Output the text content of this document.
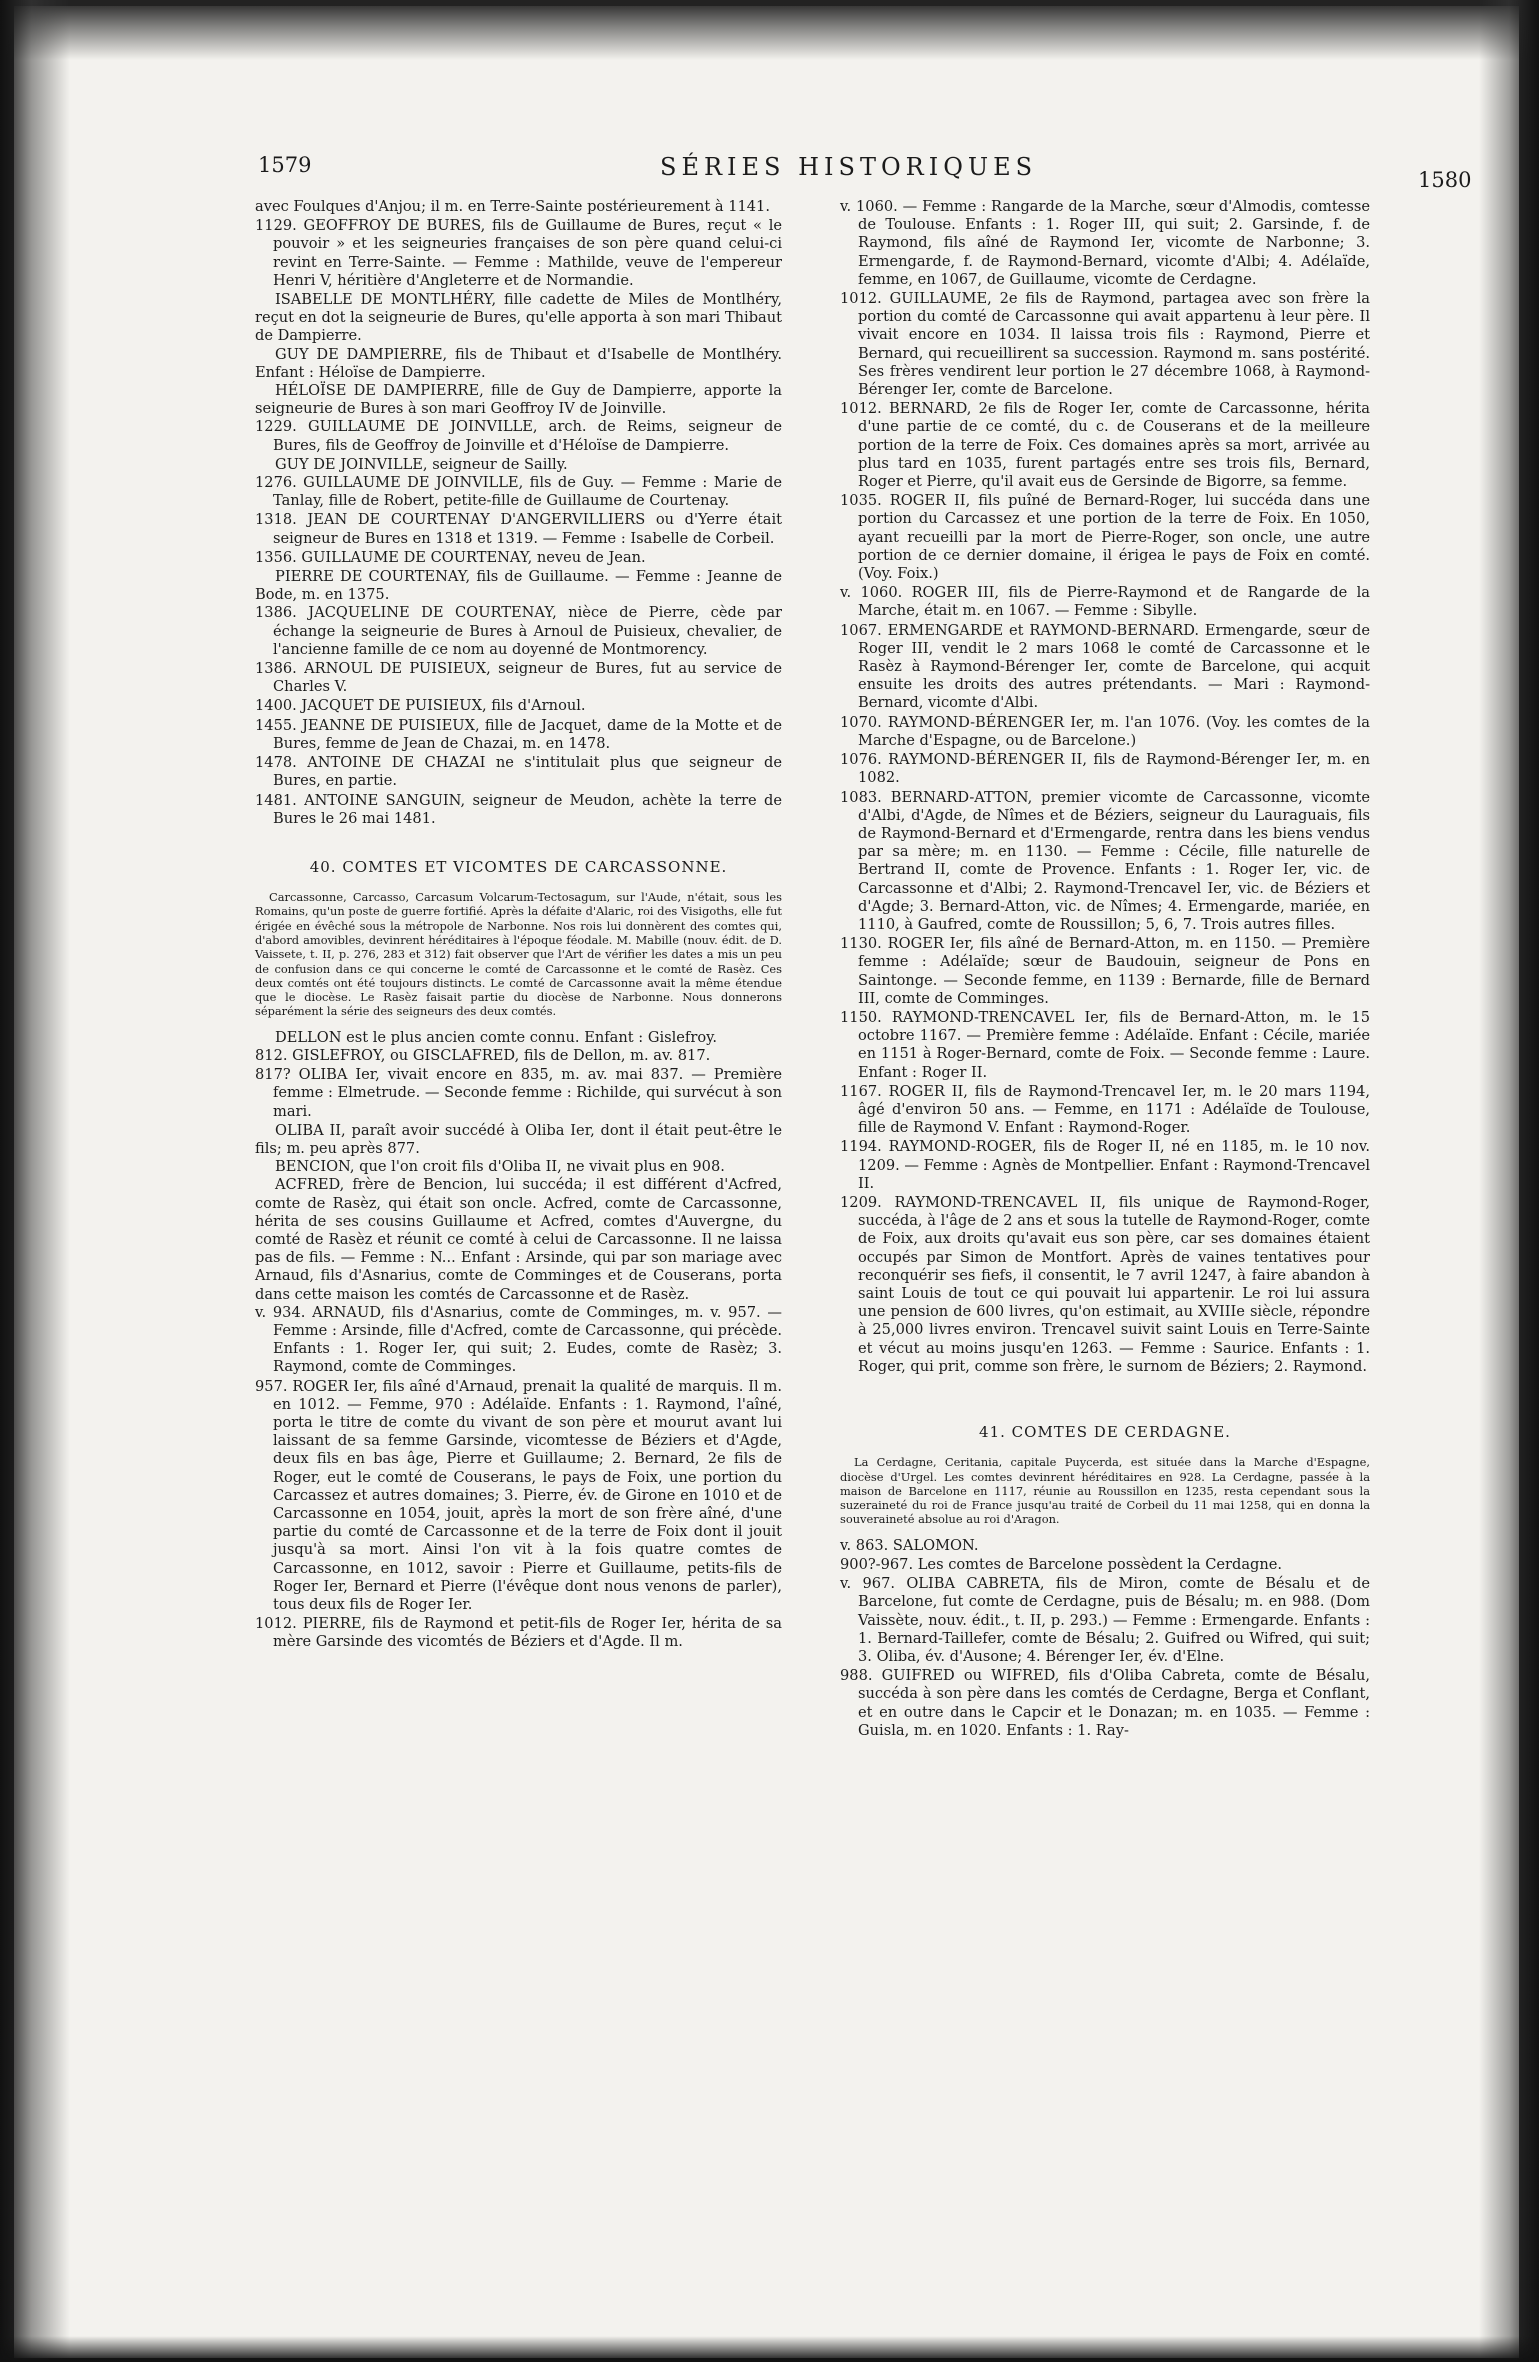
1579	SÉRIES HISTORIQUES	1580

avec Foulques d'Anjou; il m. en Terre-Sainte postérieurement à 1141.

1129. GEOFFROY DE BURES, fils de Guillaume de Bures, reçut « le pouvoir » et les seigneuries françaises de son père quand celui-ci revint en Terre-Sainte. — Femme : Mathilde, veuve de l'empereur Henri V, héritière d'Angleterre et de Normandie.

ISABELLE DE MONTLHÉRY, fille cadette de Miles de Montlhéry, reçut en dot la seigneurie de Bures, qu'elle apporta à son mari Thibaut de Dampierre.

GUY DE DAMPIERRE, fils de Thibaut et d'Isabelle de Montlhéry. Enfant : Héloïse de Dampierre.

HÉLOÏSE DE DAMPIERRE, fille de Guy de Dampierre, apporte la seigneurie de Bures à son mari Geoffroy IV de Joinville.

1229. GUILLAUME DE JOINVILLE, arch. de Reims, seigneur de Bures, fils de Geoffroy de Joinville et d'Héloïse de Dampierre.

GUY DE JOINVILLE, seigneur de Sailly.

1276. GUILLAUME DE JOINVILLE, fils de Guy. — Femme : Marie de Tanlay, fille de Robert, petite-fille de Guillaume de Courtenay.

1318. JEAN DE COURTENAY D'ANGERVILLIERS ou d'Yerre était seigneur de Bures en 1318 et 1319. — Femme : Isabelle de Corbeil.

1356. GUILLAUME DE COURTENAY, neveu de Jean.

PIERRE DE COURTENAY, fils de Guillaume. — Femme : Jeanne de Bode, m. en 1375.

1386. JACQUELINE DE COURTENAY, nièce de Pierre, cède par échange la seigneurie de Bures à Arnoul de Puisieux, chevalier, de l'ancienne famille de ce nom au doyenné de Montmorency.

1386. ARNOUL DE PUISIEUX, seigneur de Bures, fut au service de Charles V.

1400. JACQUET DE PUISIEUX, fils d'Arnoul.

1455. JEANNE DE PUISIEUX, fille de Jacquet, dame de la Motte et de Bures, femme de Jean de Chazai, m. en 1478.

1478. ANTOINE DE CHAZAI ne s'intitulait plus que seigneur de Bures, en partie.

1481. ANTOINE SANGUIN, seigneur de Meudon, achète la terre de Bures le 26 mai 1481.

40. COMTES ET VICOMTES DE CARCASSONNE.

Carcassonne, Carcasso, Carcasum Volcarum-Tectosagum, sur l'Aude, n'était, sous les Romains, qu'un poste de guerre fortifié. Après la défaite d'Alaric, roi des Visigoths, elle fut érigée en évêché sous la métropole de Narbonne. Nos rois lui donnèrent des comtes qui, d'abord amovibles, devinrent héréditaires à l'époque féodale. M. Mabille (nouv. édit. de D. Vaissete, t. II, p. 276, 283 et 312) fait observer que l'Art de vérifier les dates a mis un peu de confusion dans ce qui concerne le comté de Carcassonne et le comté de Rasèz. Ces deux comtés ont été toujours distincts. Le comté de Carcassonne avait la même étendue que le diocèse. Le Rasèz faisait partie du diocèse de Narbonne. Nous donnerons séparément la série des seigneurs des deux comtés.

DELLON est le plus ancien comte connu. Enfant : Gislefroy.

812. GISLEFROY, ou GISCLAFRED, fils de Dellon, m. av. 817.

817? OLIBA Ier, vivait encore en 835, m. av. mai 837. — Première femme : Elmetrude. — Seconde femme : Richilde, qui survécut à son mari.

OLIBA II, paraît avoir succédé à Oliba Ier, dont il était peut-être le fils; m. peu après 877.

BENCION, que l'on croit fils d'Oliba II, ne vivait plus en 908.

ACFRED, frère de Bencion, lui succéda; il est différent d'Acfred, comte de Rasèz, qui était son oncle. Acfred, comte de Carcassonne, hérita de ses cousins Guillaume et Acfred, comtes d'Auvergne, du comté de Rasèz et réunit ce comté à celui de Carcassonne. Il ne laissa pas de fils. — Femme : N... Enfant : Arsinde, qui par son mariage avec Arnaud, fils d'Asnarius, comte de Comminges et de Couserans, porta dans cette maison les comtés de Carcassonne et de Rasèz.

v. 934. ARNAUD, fils d'Asnarius, comte de Comminges, m. v. 957. — Femme : Arsinde, fille d'Acfred, comte de Carcassonne, qui précède. Enfants : 1. Roger Ier, qui suit; 2. Eudes, comte de Rasèz; 3. Raymond, comte de Comminges.

957. ROGER Ier, fils aîné d'Arnaud, prenait la qualité de marquis. Il m. en 1012. — Femme, 970 : Adélaïde. Enfants : 1. Raymond, l'aîné, porta le titre de comte du vivant de son père et mourut avant lui laissant de sa femme Garsinde, vicomtesse de Béziers et d'Agde, deux fils en bas âge, Pierre et Guillaume; 2. Bernard, 2e fils de Roger, eut le comté de Couserans, le pays de Foix, une portion du Carcassez et autres domaines; 3. Pierre, év. de Girone en 1010 et de Carcassonne en 1054, jouit, après la mort de son frère aîné, d'une partie du comté de Carcassonne et de la terre de Foix dont il jouit jusqu'à sa mort. Ainsi l'on vit à la fois quatre comtes de Carcassonne, en 1012, savoir : Pierre et Guillaume, petits-fils de Roger Ier, Bernard et Pierre (l'évêque dont nous venons de parler), tous deux fils de Roger Ier.

1012. PIERRE, fils de Raymond et petit-fils de Roger Ier, hérita de sa mère Garsinde des vicomtés de Béziers et d'Agde. Il m.

v. 1060. — Femme : Rangarde de la Marche, sœur d'Almodis, comtesse de Toulouse. Enfants : 1. Roger III, qui suit; 2. Garsinde, f. de Raymond, fils aîné de Raymond Ier, vicomte de Narbonne; 3. Ermengarde, f. de Raymond-Bernard, vicomte d'Albi; 4. Adélaïde, femme, en 1067, de Guillaume, vicomte de Cerdagne.

1012. GUILLAUME, 2e fils de Raymond, partagea avec son frère la portion du comté de Carcassonne qui avait appartenu à leur père. Il vivait encore en 1034. Il laissa trois fils : Raymond, Pierre et Bernard, qui recueillirent sa succession. Raymond m. sans postérité. Ses frères vendirent leur portion le 27 décembre 1068, à Raymond-Bérenger Ier, comte de Barcelone.

1012. BERNARD, 2e fils de Roger Ier, comte de Carcassonne, hérita d'une partie de ce comté, du c. de Couserans et de la meilleure portion de la terre de Foix. Ces domaines après sa mort, arrivée au plus tard en 1035, furent partagés entre ses trois fils, Bernard, Roger et Pierre, qu'il avait eus de Gersinde de Bigorre, sa femme.

1035. ROGER II, fils puîné de Bernard-Roger, lui succéda dans une portion du Carcassez et une portion de la terre de Foix. En 1050, ayant recueilli par la mort de Pierre-Roger, son oncle, une autre portion de ce dernier domaine, il érigea le pays de Foix en comté. (Voy. Foix.)

v. 1060. ROGER III, fils de Pierre-Raymond et de Rangarde de la Marche, était m. en 1067. — Femme : Sibylle.

1067. ERMENGARDE et RAYMOND-BERNARD. Ermengarde, sœur de Roger III, vendit le 2 mars 1068 le comté de Carcassonne et le Rasèz à Raymond-Bérenger Ier, comte de Barcelone, qui acquit ensuite les droits des autres prétendants. — Mari : Raymond-Bernard, vicomte d'Albi.

1070. RAYMOND-BÉRENGER Ier, m. l'an 1076. (Voy. les comtes de la Marche d'Espagne, ou de Barcelone.)

1076. RAYMOND-BÉRENGER II, fils de Raymond-Bérenger Ier, m. en 1082.

1083. BERNARD-ATTON, premier vicomte de Carcassonne, vicomte d'Albi, d'Agde, de Nîmes et de Béziers, seigneur du Lauraguais, fils de Raymond-Bernard et d'Ermengarde, rentra dans les biens vendus par sa mère; m. en 1130. — Femme : Cécile, fille naturelle de Bertrand II, comte de Provence. Enfants : 1. Roger Ier, vic. de Carcassonne et d'Albi; 2. Raymond-Trencavel Ier, vic. de Béziers et d'Agde; 3. Bernard-Atton, vic. de Nîmes; 4. Ermengarde, mariée, en 1110, à Gaufred, comte de Roussillon; 5, 6, 7. Trois autres filles.

1130. ROGER Ier, fils aîné de Bernard-Atton, m. en 1150. — Première femme : Adélaïde; sœur de Baudouin, seigneur de Pons en Saintonge. — Seconde femme, en 1139 : Bernarde, fille de Bernard III, comte de Comminges.

1150. RAYMOND-TRENCAVEL Ier, fils de Bernard-Atton, m. le 15 octobre 1167. — Première femme : Adélaïde. Enfant : Cécile, mariée en 1151 à Roger-Bernard, comte de Foix. — Seconde femme : Laure. Enfant : Roger II.

1167. ROGER II, fils de Raymond-Trencavel Ier, m. le 20 mars 1194, âgé d'environ 50 ans. — Femme, en 1171 : Adélaïde de Toulouse, fille de Raymond V. Enfant : Raymond-Roger.

1194. RAYMOND-ROGER, fils de Roger II, né en 1185, m. le 10 nov. 1209. — Femme : Agnès de Montpellier. Enfant : Raymond-Trencavel II.

1209. RAYMOND-TRENCAVEL II, fils unique de Raymond-Roger, succéda, à l'âge de 2 ans et sous la tutelle de Raymond-Roger, comte de Foix, aux droits qu'avait eus son père, car ses domaines étaient occupés par Simon de Montfort. Après de vaines tentatives pour reconquérir ses fiefs, il consentit, le 7 avril 1247, à faire abandon à saint Louis de tout ce qui pouvait lui appartenir. Le roi lui assura une pension de 600 livres, qu'on estimait, au XVIIIe siècle, répondre à 25,000 livres environ. Trencavel suivit saint Louis en Terre-Sainte et vécut au moins jusqu'en 1263. — Femme : Saurice. Enfants : 1. Roger, qui prit, comme son frère, le surnom de Béziers; 2. Raymond.

41. COMTES DE CERDAGNE.

La Cerdagne, Ceritania, capitale Puycerda, est située dans la Marche d'Espagne, diocèse d'Urgel. Les comtes devinrent héréditaires en 928. La Cerdagne, passée à la maison de Barcelone en 1117, réunie au Roussillon en 1235, resta cependant sous la suzeraineté du roi de France jusqu'au traité de Corbeil du 11 mai 1258, qui en donna la souveraineté absolue au roi d'Aragon.

v. 863. SALOMON.

900?-967. Les comtes de Barcelone possèdent la Cerdagne.

v. 967. OLIBA CABRETA, fils de Miron, comte de Bésalu et de Barcelone, fut comte de Cerdagne, puis de Bésalu; m. en 988. (Dom Vaissète, nouv. édit., t. II, p. 293.) — Femme : Ermengarde. Enfants : 1. Bernard-Taillefer, comte de Bésalu; 2. Guifred ou Wifred, qui suit; 3. Oliba, év. d'Ausone; 4. Bérenger Ier, év. d'Elne.

988. GUIFRED ou WIFRED, fils d'Oliba Cabreta, comte de Bésalu, succéda à son père dans les comtés de Cerdagne, Berga et Conflant, et en outre dans le Capcir et le Donazan; m. en 1035. — Femme : Guisla, m. en 1020. Enfants : 1. Ray-
